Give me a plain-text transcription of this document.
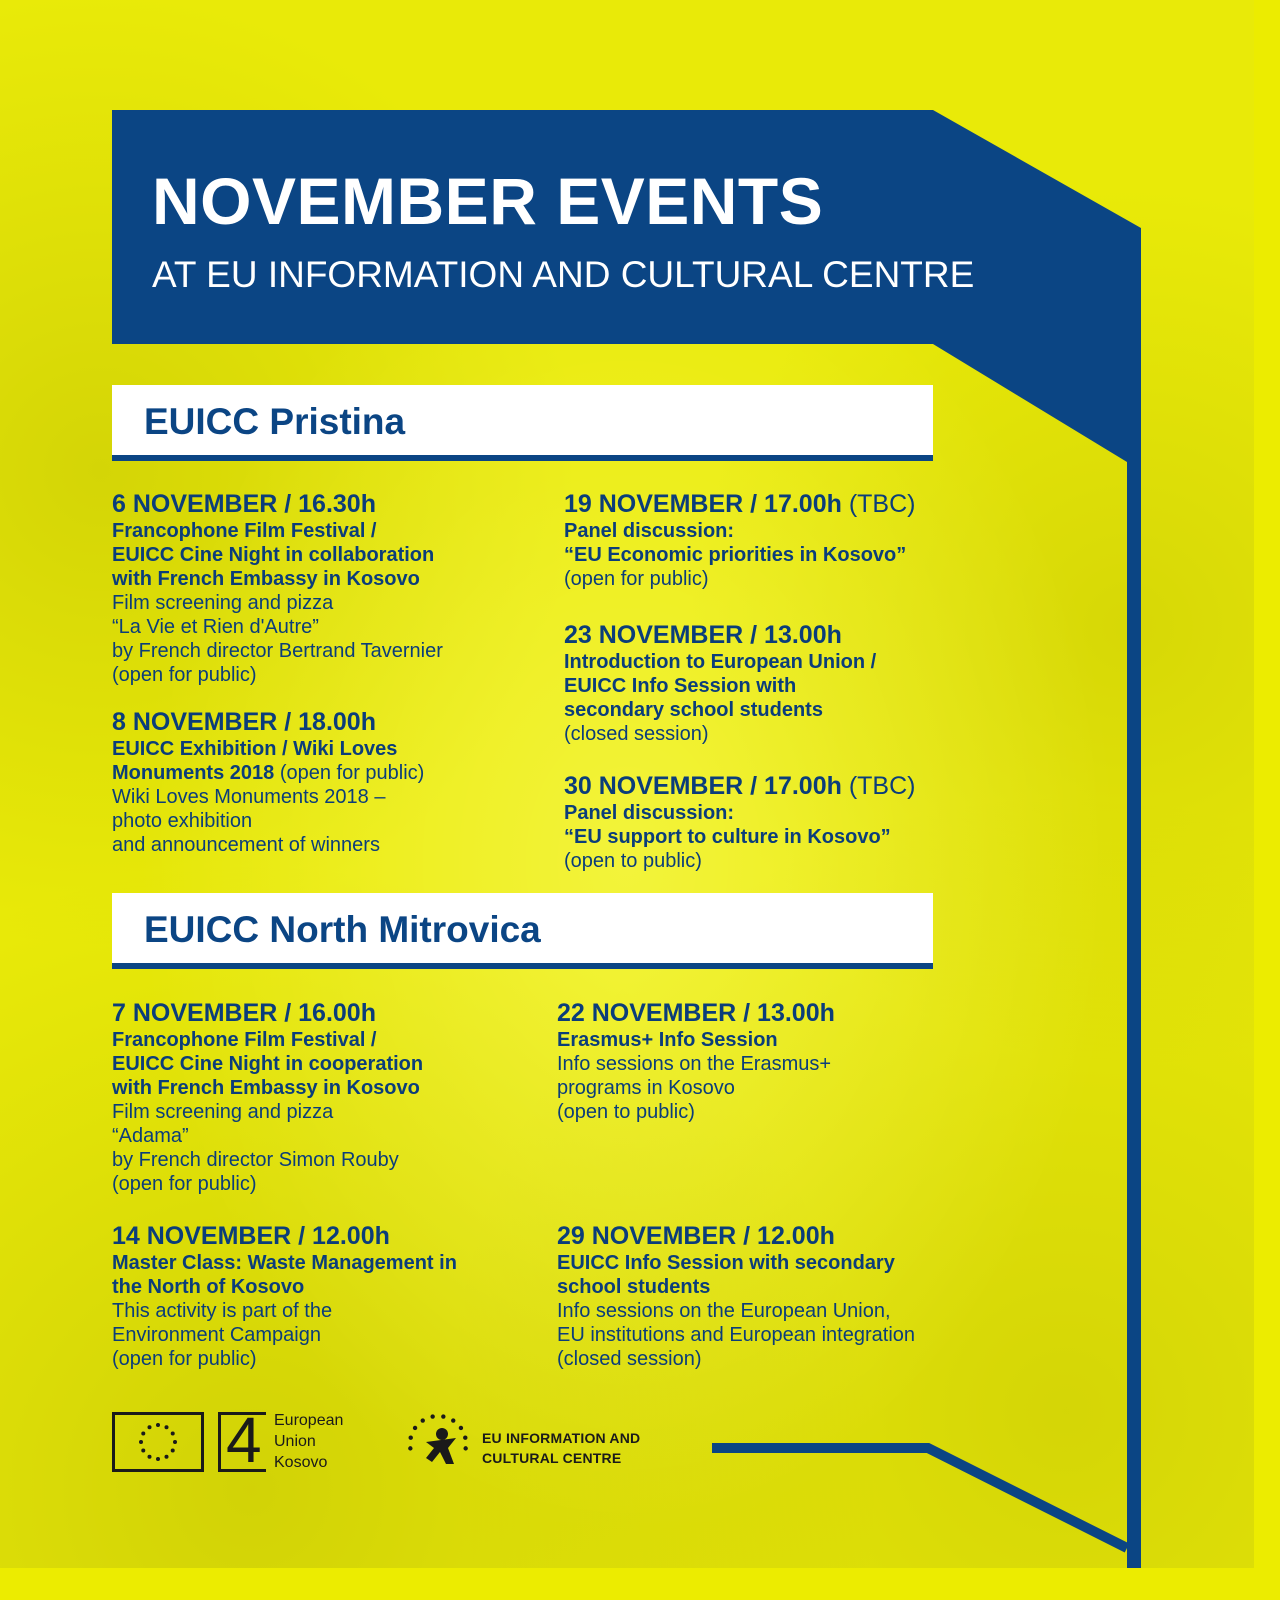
NOVEMBER EVENTS
AT EU INFORMATION AND CULTURAL CENTRE
EUICC Pristina
6 NOVEMBER / 16.30h
Francophone Film Festival /
EUICC Cine Night in collaboration
with French Embassy in Kosovo
Film screening and pizza
“La Vie et Rien d'Autre”
by French director Bertrand Tavernier
(open for public)
8 NOVEMBER / 18.00h
EUICC Exhibition / Wiki Loves
Monuments 2018 (open for public)
Wiki Loves Monuments 2018 –
photo exhibition
and announcement of winners
19 NOVEMBER / 17.00h (TBC)
Panel discussion:
“EU Economic priorities in Kosovo”
(open for public)
23 NOVEMBER / 13.00h
Introduction to European Union /
EUICC Info Session with
secondary school students
(closed session)
30 NOVEMBER / 17.00h (TBC)
Panel discussion:
“EU support to culture in Kosovo”
(open to public)
EUICC North Mitrovica
7 NOVEMBER / 16.00h
Francophone Film Festival /
EUICC Cine Night in cooperation
with French Embassy in Kosovo
Film screening and pizza
“Adama”
by French director Simon Rouby
(open for public)
14 NOVEMBER / 12.00h
Master Class: Waste Management in
the North of Kosovo
This activity is part of the
Environment Campaign
(open for public)
22 NOVEMBER / 13.00h
Erasmus+ Info Session
Info sessions on the Erasmus+
programs in Kosovo
(open to public)
29 NOVEMBER / 12.00h
EUICC Info Session with secondary
school students
Info sessions on the European Union,
EU institutions and European integration
(closed session)
4 European
Union
Kosovo
EU INFORMATION AND
CULTURAL CENTRE
